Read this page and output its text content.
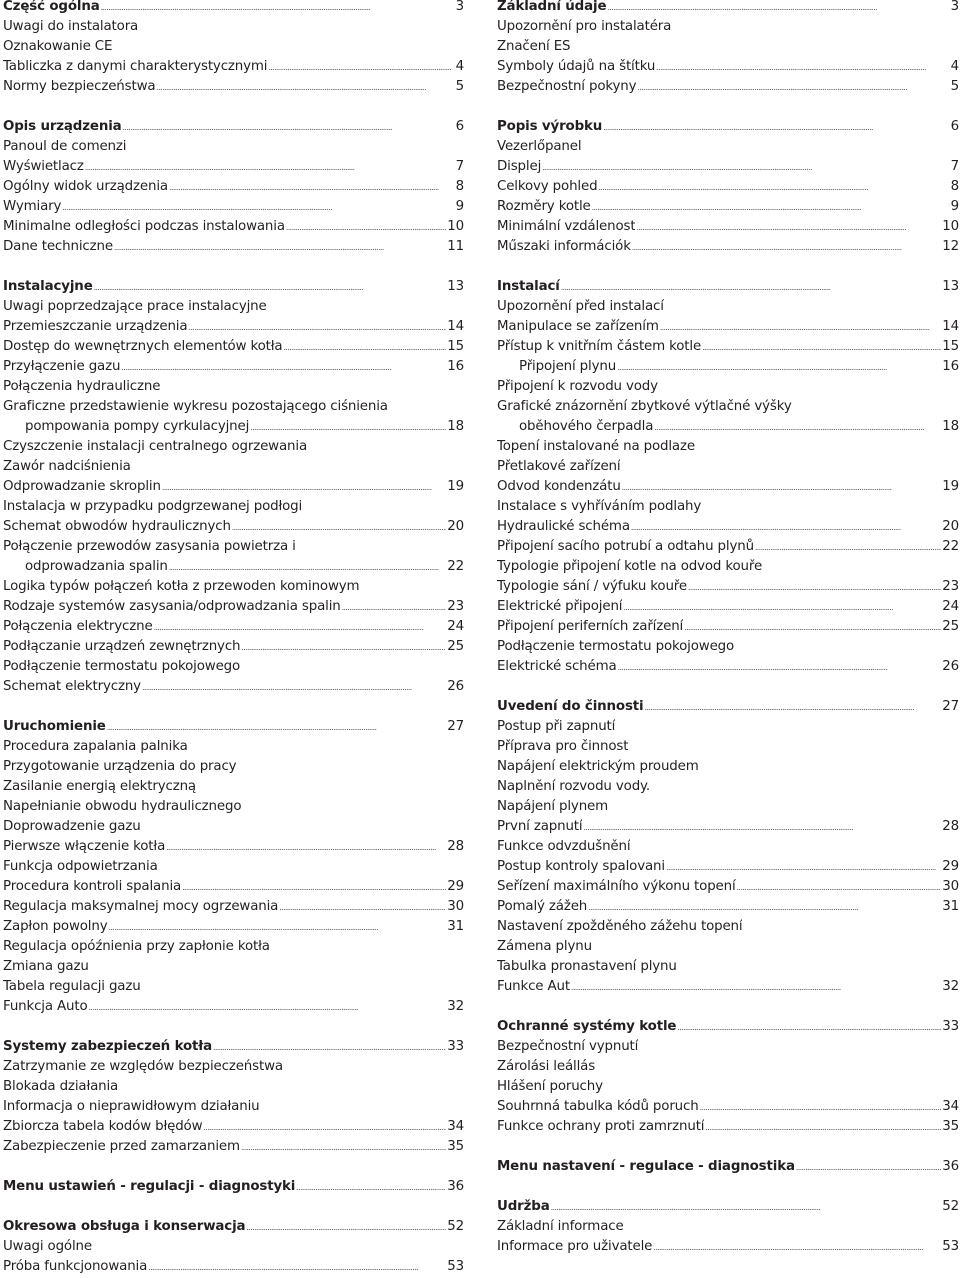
Część ogólna . . .	3
Uwagi do instalatora
Oznakowanie CE
Tabliczka z danymi charakterystycznymi . . .	4
Normy bezpieczeństwa . . .	5
Opis urządzenia . . .	6
Panoul de comenzi
Wyświetlacz . . .	7
Ogólny widok urządzenia . . .	8
Wymiary . . .	9
Minimalne odległości podczas instalowania . . .	10
Dane techniczne . . .	11
Instalacyjne . . .	13
Uwagi poprzedzające prace instalacyjne
Przemieszczanie urządzenia . . .	14
Dostęp do wewnętrznych elementów kotła . . .	15
Przyłączenie gazu . . .	16
Połączenia hydrauliczne
Graficzne przedstawienie wykresu pozostającego ciśnienia
pompowania pompy cyrkulacyjnej . . .	18
Czyszczenie instalacji centralnego ogrzewania
Zawór nadciśnienia
Odprowadzanie skroplin . . .	19
Instalacja w przypadku podgrzewanej podłogi
Schemat obwodów hydraulicznych . . .	20
Połączenie przewodów zasysania powietrza i
odprowadzania spalin . . .	22
Logika typów połączeń kotła z przewoden kominowym
Rodzaje systemów zasysania/odprowadzania spalin . . .	23
Połączenia elektryczne . . .	24
Podłączanie urządzeń zewnętrznych . . .	25
Podłączenie termostatu pokojowego
Schemat elektryczny . . .	26
Uruchomienie . . .	27
Procedura zapalania palnika
Przygotowanie urządzenia do pracy
Zasilanie energią elektryczną
Napełnianie obwodu hydraulicznego
Doprowadzenie gazu
Pierwsze włączenie kotła . . .	28
Funkcja odpowietrzania
Procedura kontroli spalania . . .	29
Regulacja maksymalnej mocy ogrzewania . . .	30
Zapłon powolny . . .	31
Regulacja opóźnienia przy zapłonie kotła
Zmiana gazu
Tabela regulacji gazu
Funkcja Auto . . .	32
Systemy zabezpieczeń kotła . . .	33
Zatrzymanie ze względów bezpieczeństwa
Blokada działania
Informacja o nieprawidłowym działaniu
Zbiorcza tabela kodów błędów . . .	34
Zabezpieczenie przed zamarzaniem . . .	35
Menu ustawień - regulacji - diagnostyki . . .	36
Okresowa obsługa i konserwacja . . .	52
Uwagi ogólne
Próba funkcjonowania . . .	53
Základní údaje . . .	3
Upozornění pro instalatéra
Značení ES
Symboly údajů na štítku . . .	4
Bezpečnostní pokyny . . .	5
Popis výrobku . . .	6
Vezerlőpanel
Displej . . .	7
Celkovy pohled . . .	8
Rozměry kotle . . .	9
Minimální vzdálenost . . .	10
Műszaki információk . . .	12
Instalací . . .	13
Upozornění před instalací
Manipulace se zařízením . . .	14
Přístup k vnitřním částem kotle . . .	15
Připojení plynu . . .	16
Připojení k rozvodu vody
Grafické znázornění zbytkové výtlačné výšky
oběhového čerpadla . . .	18
Topení instalované na podlaze
Přetlakové zařízení
Odvod kondenzátu . . .	19
Instalace s vyhříváním podlahy
Hydraulické schéma . . .	20
Připojení sacího potrubí a odtahu plynů . . .	22
Typologie připojení kotle na odvod kouře
Typologie sání / výfuku kouře . . .	23
Elektrické připojení . . .	24
Připojení periferních zařízení . . .	25
Podłączenie termostatu pokojowego
Elektrické schéma . . .	26
Uvedení do činnosti . . .	27
Postup při zapnutí
Příprava pro činnost
Napájení elektrickým proudem
Naplnění rozvodu vody.
Napájení plynem
První zapnutí . . .	28
Funkce odvzdušnění
Postup kontroly spalovani . . .	29
Seřízení maximálního výkonu topení . . .	30
Pomalý zážeh . . .	31
Nastavení zpožděného zážehu topení
Zámena plynu
Tabulka pronastavení plynu
Funkce Aut . . .	32
Ochranné systémy kotle . . .	33
Bezpečnostní vypnutí
Zárolási leállás
Hlášení poruchy
Souhrnná tabulka kódů poruch . . .	34
Funkce ochrany proti zamrznutí . . .	35
Menu nastavení - regulace - diagnostika . . .	36
Udržba . . .	52
Základní informace
Informace pro uživatele . . .	53
